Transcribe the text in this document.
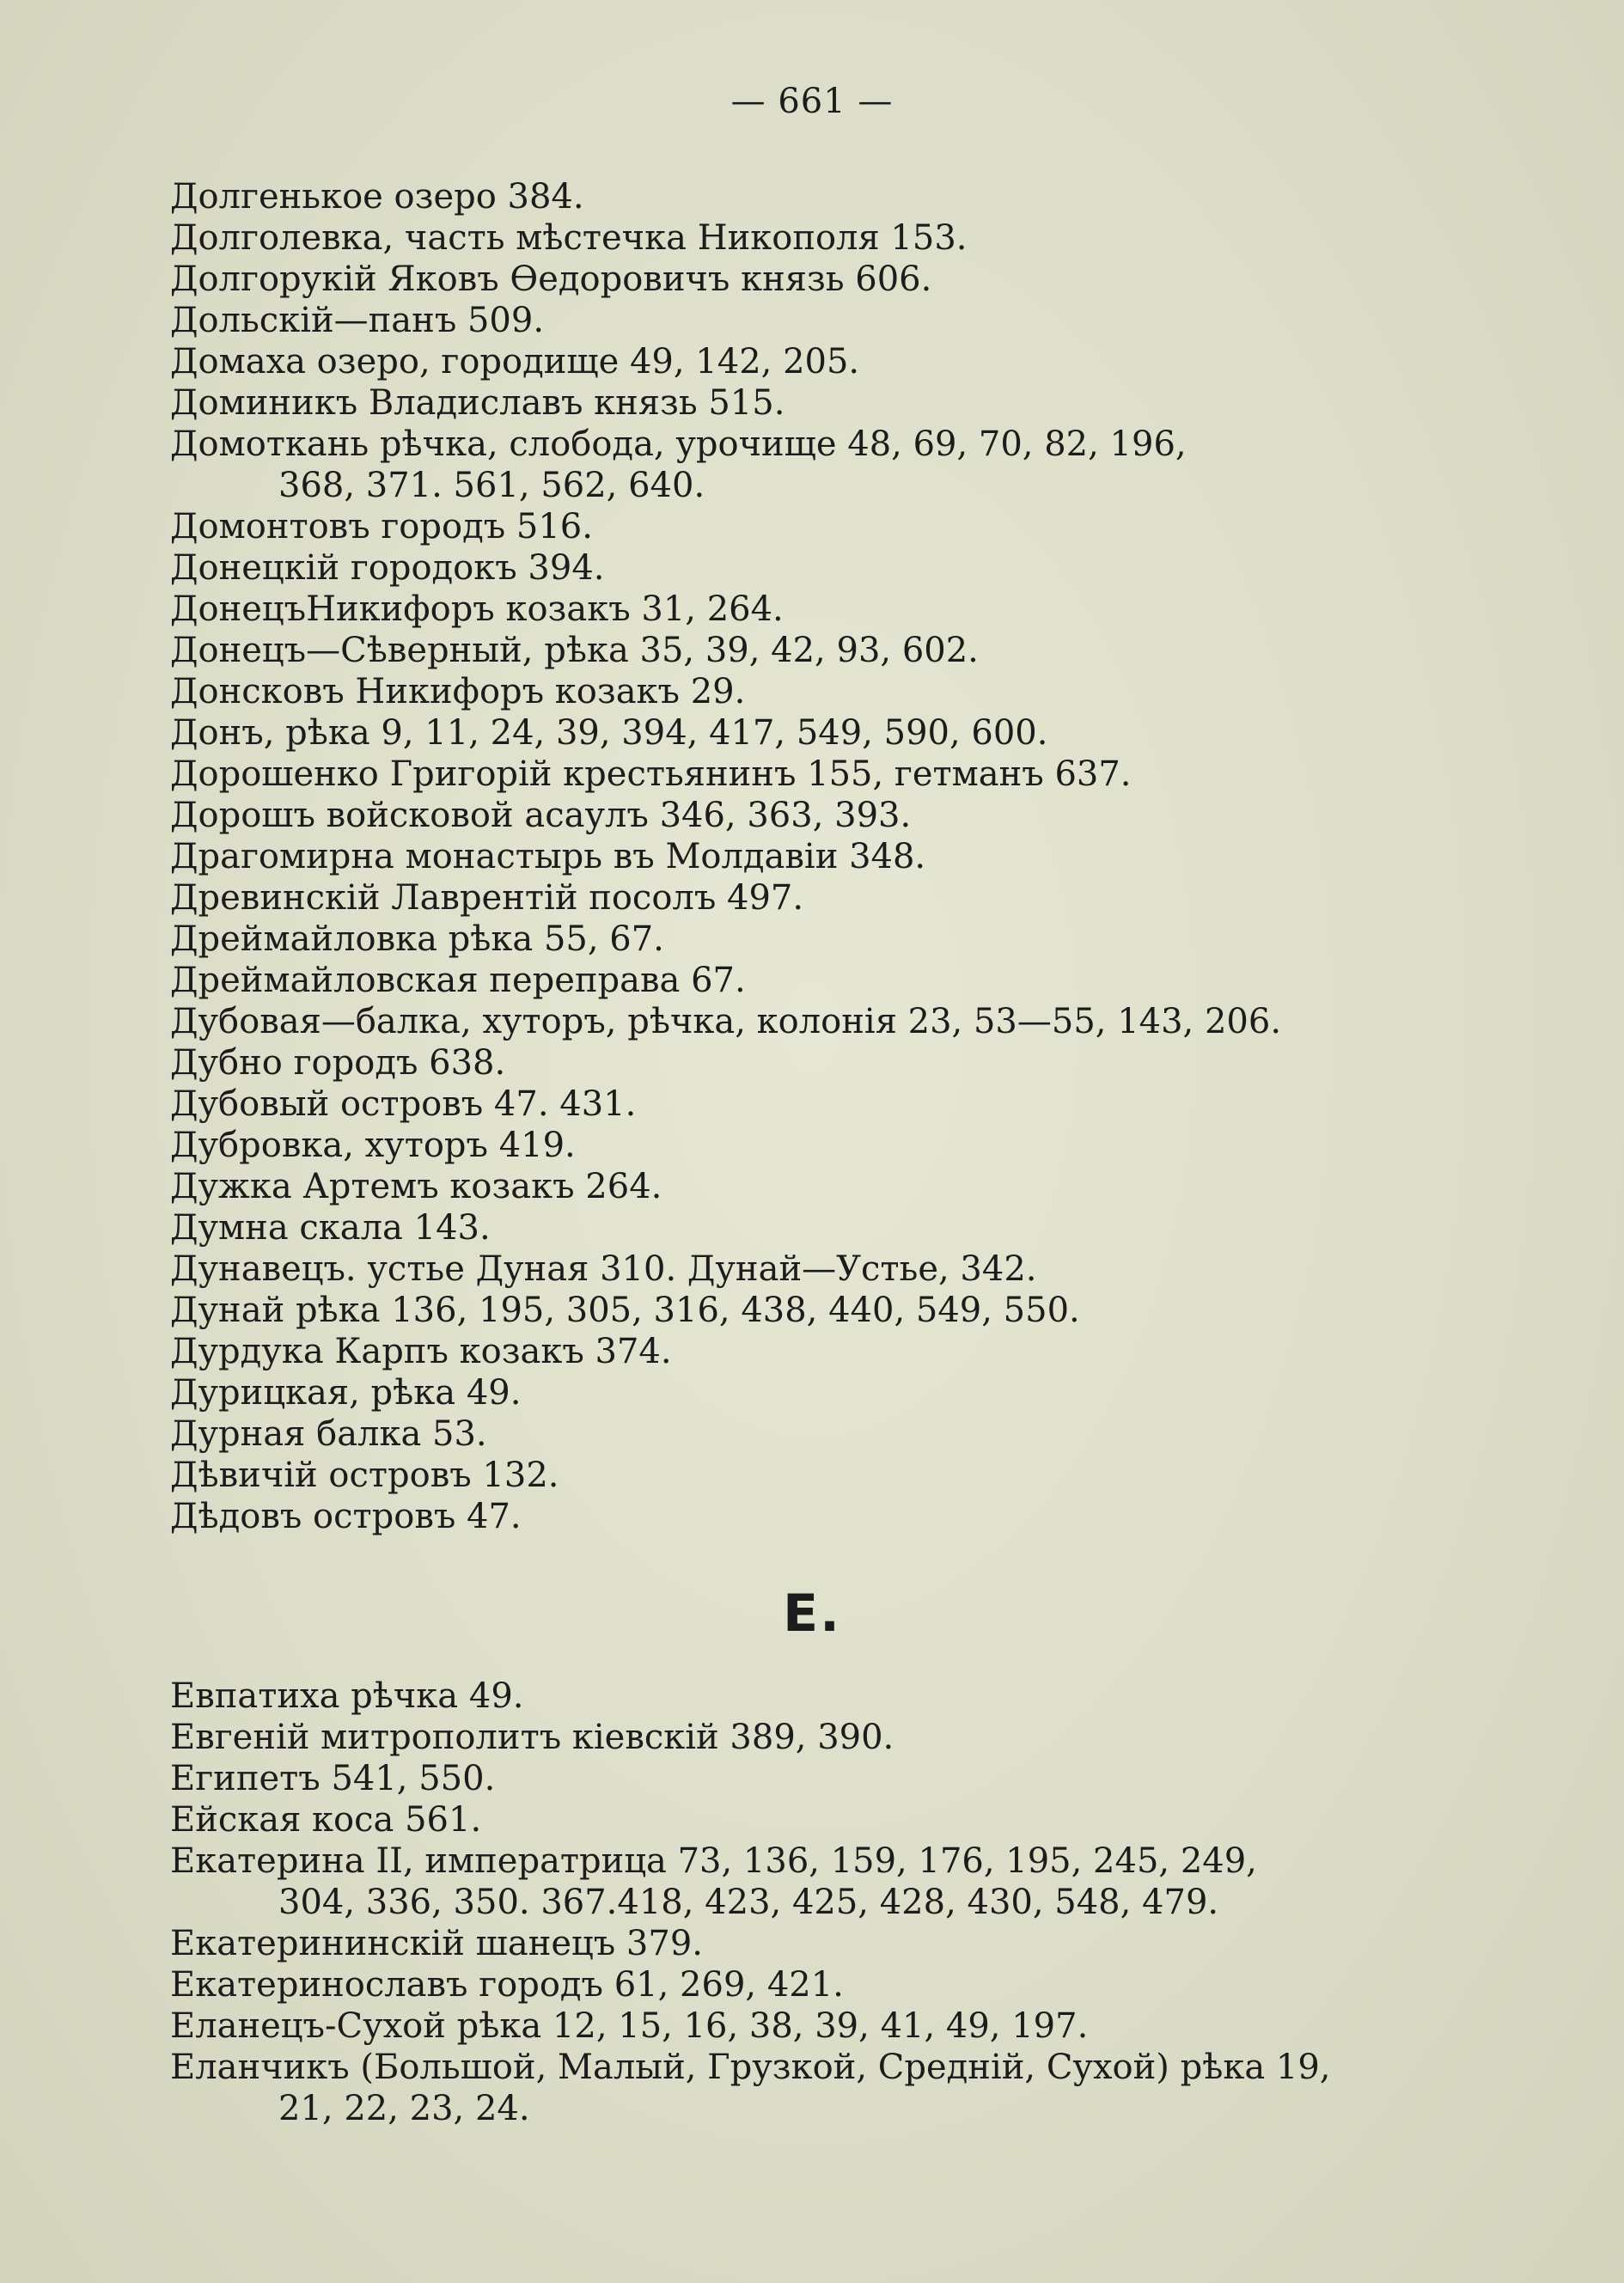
— 661 —
Долгенькое озеро 384.
Долголевка, часть мѣстечка Никополя 153.
Долгорукій Яковъ Ѳедоровичъ князь 606.
Дольскій—панъ 509.
Домаха озеро, городище 49, 142, 205.
Доминикъ Владиславъ князь 515.
Домоткань рѣчка, слобода, урочище 48, 69, 70, 82, 196,
368, 371. 561, 562, 640.
Домонтовъ городъ 516.
Донецкій городокъ 394.
ДонецъНикифоръ козакъ 31, 264.
Донецъ—Сѣверный, рѣка 35, 39, 42, 93, 602.
Донсковъ Никифоръ козакъ 29.
Донъ, рѣка 9, 11, 24, 39, 394, 417, 549, 590, 600.
Дорошенко Григорій крестьянинъ 155, гетманъ 637.
Дорошъ войсковой асаулъ 346, 363, 393.
Драгомирна монастырь въ Молдавіи 348.
Древинскій Лаврентій посолъ 497.
Дреймайловка рѣка 55, 67.
Дреймайловская переправа 67.
Дубовая—балка, хуторъ, рѣчка, колонія 23, 53—55, 143, 206.
Дубно городъ 638.
Дубовый островъ 47. 431.
Дубровка, хуторъ 419.
Дужка Артемъ козакъ 264.
Думна скала 143.
Дунавецъ. устье Дуная 310. Дунай—Устье, 342.
Дунай рѣка 136, 195, 305, 316, 438, 440, 549, 550.
Дурдука Карпъ козакъ 374.
Дурицкая, рѣка 49.
Дурная балка 53.
Дѣвичій островъ 132.
Дѣдовъ островъ 47.
Е.
Евпатиха рѣчка 49.
Евгеній митрополитъ кіевскій 389, 390.
Египетъ 541, 550.
Ейская коса 561.
Екатерина II, императрица 73, 136, 159, 176, 195, 245, 249,
304, 336, 350. 367.418, 423, 425, 428, 430, 548, 479.
Екатерининскій шанецъ 379.
Екатеринославъ городъ 61, 269, 421.
Еланецъ-Сухой рѣка 12, 15, 16, 38, 39, 41, 49, 197.
Еланчикъ (Большой, Малый, Грузкой, Средній, Сухой) рѣка 19,
21, 22, 23, 24.
